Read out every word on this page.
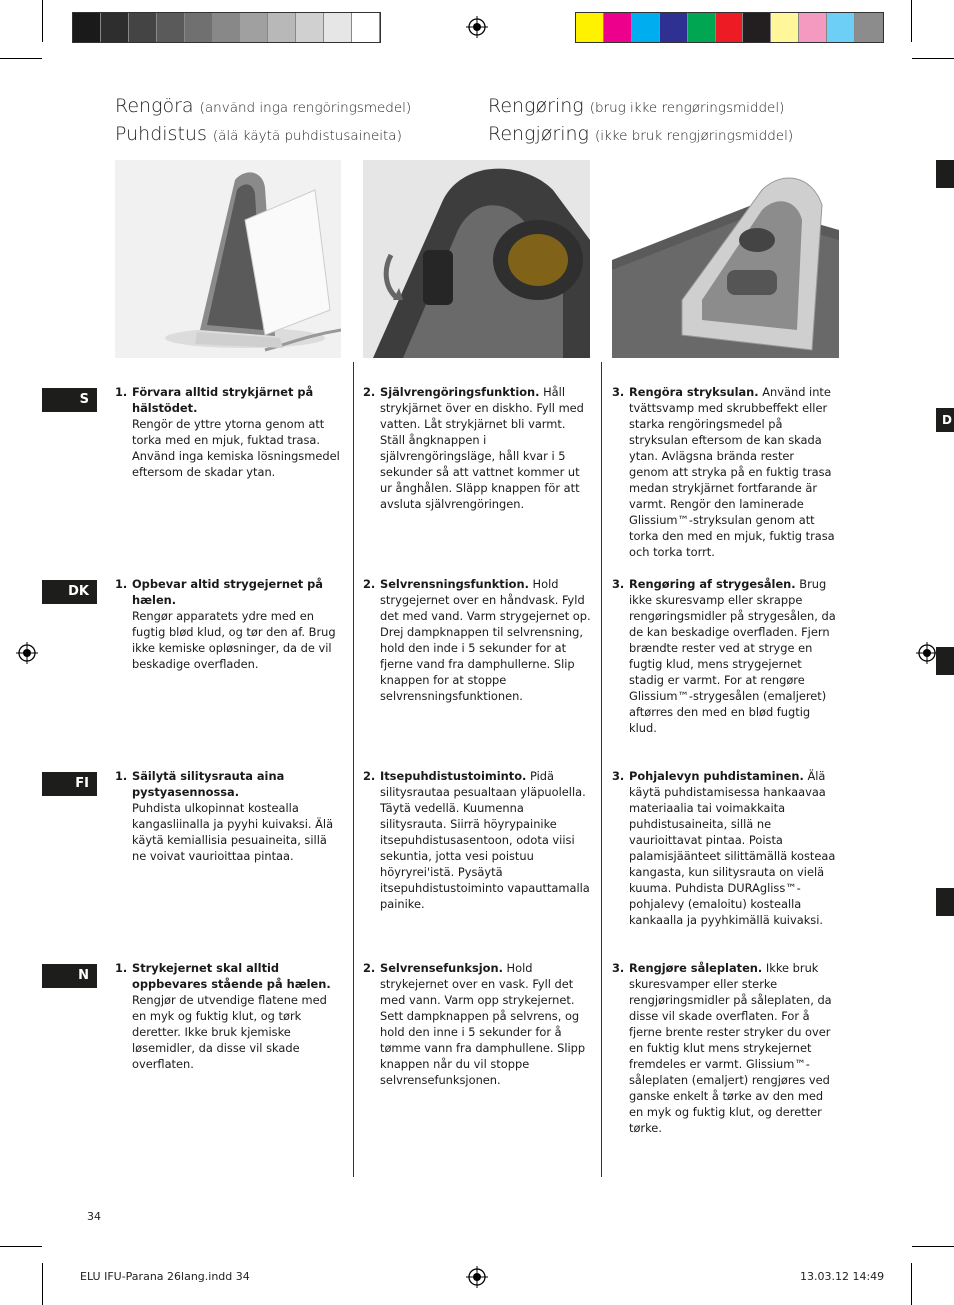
Rengöra (använd inga rengöringsmedel)
Puhdistus (älä käytä puhdistusaineita)
Rengøring (brug ikke rengøringsmiddel)
Rengjøring (ikke bruk rengjøringsmiddel)
D
S	1. Förvara alltid strykjärnet på hälstödet.
Rengör de yttre ytorna genom att torka med en mjuk, fuktad trasa. Använd inga kemiska lösningsmedel eftersom de skadar ytan.
2. Självrengöringsfunktion. Håll strykjärnet över en diskho. Fyll med vatten. Låt strykjärnet bli varmt. Ställ ångknappen i självrengöringsläge, håll kvar i 5 sekunder så att vattnet kommer ut ur ånghålen. Släpp knappen för att avsluta självrengöringen.
3. Rengöra stryksulan. Använd inte tvättsvamp med skrubbeffekt eller starka rengöringsmedel på stryksulan eftersom de kan skada ytan. Avlägsna brända rester genom att stryka på en fuktig trasa medan strykjärnet fortfarande är varmt. Rengör den laminerade Glissium™-stryksulan genom att torka den med en mjuk, fuktig trasa och torka torrt.
DK	1. Opbevar altid strygejernet på hælen.
Rengør apparatets ydre med en fugtig blød klud, og tør den af. Brug ikke kemiske opløsninger, da de vil beskadige overfladen.
2. Selvrensningsfunktion. Hold strygejernet over en håndvask. Fyld det med vand. Varm strygejernet op. Drej dampknappen til selvrensning, hold den inde i 5 sekunder for at fjerne vand fra damphullerne. Slip knappen for at stoppe selvrensningsfunktionen.
3. Rengøring af strygesålen. Brug ikke skuresvamp eller skrappe rengøringsmidler på strygesålen, da de kan beskadige overfladen. Fjern brændte rester ved at stryge en fugtig klud, mens strygejernet stadig er varmt. For at rengøre Glissium™-strygesålen (emaljeret) aftørres den med en blød fugtig klud.
FI	1. Säilytä silitysrauta aina pystyasennossa.
Puhdista ulkopinnat kostealla kangasliinalla ja pyyhi kuivaksi. Älä käytä kemiallisia pesuaineita, sillä ne voivat vaurioittaa pintaa.
2. Itsepuhdistustoiminto. Pidä silitysrautaa pesualtaan yläpuolella. Täytä vedellä. Kuumenna silitysrauta. Siirrä höyrypainike itsepuhdistusasentoon, odota viisi sekuntia, jotta vesi poistuu höyryrei'istä. Pysäytä itsepuhdistustoiminto vapauttamalla painike.
3. Pohjalevyn puhdistaminen. Älä käytä puhdistamisessa hankaavaa materiaalia tai voimakkaita puhdistusaineita, sillä ne vaurioittavat pintaa. Poista palamisjäänteet silittämällä kosteaa kangasta, kun silitysrauta on vielä kuuma. Puhdista DURAgliss™-pohjalevy (emaloitu) kostealla kankaalla ja pyyhkimällä kuivaksi.
N	1. Strykejernet skal alltid oppbevares stående på hælen.
Rengjør de utvendige flatene med en myk og fuktig klut, og tørk deretter. Ikke bruk kjemiske løsemidler, da disse vil skade overflaten.
2. Selvrensefunksjon. Hold strykejernet over en vask. Fyll det med vann. Varm opp strykejernet. Sett dampknappen på selvrens, og hold den inne i 5 sekunder for å tømme vann fra damphullene. Slipp knappen når du vil stoppe selvrensefunksjonen.
3. Rengjøre såleplaten. Ikke bruk skuresvamper eller sterke rengjøringsmidler på såleplaten, da disse vil skade overflaten. For å fjerne brente rester stryker du over en fuktig klut mens strykejernet fremdeles er varmt. Glissium™-såleplaten (emaljert) rengjøres ved ganske enkelt å tørke av den med en myk og fuktig klut, og deretter tørke.
34
ELU IFU-Parana 26lang.indd 34	13.03.12 14:49
